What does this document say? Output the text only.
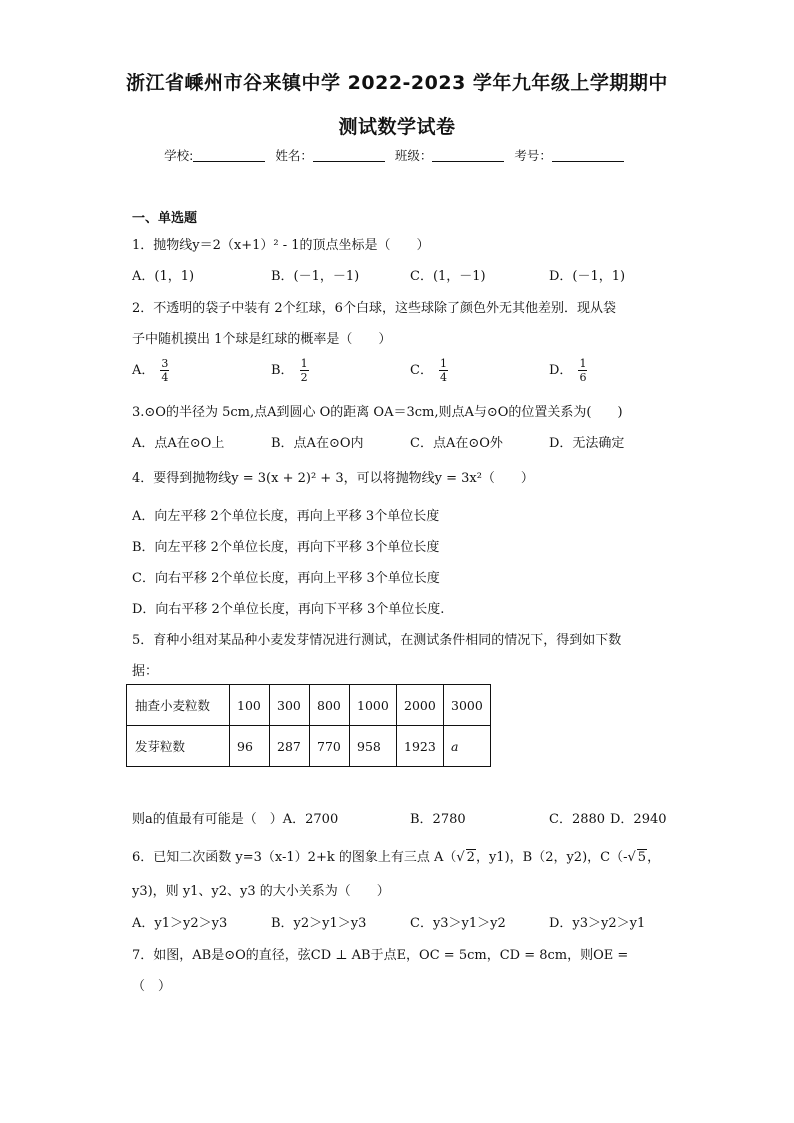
浙江省嵊州市谷来镇中学 2022-2023 学年九年级上学期期中
测试数学试卷
学校:	姓名：	班级：	考号：
一、单选题
1．抛物线y＝2（x+1）² - 1的顶点坐标是（　　）
A．(1，1)	B．(－1，－1)	C．(1，－1)	D．(－1，1)
2．不透明的袋子中装有 2个红球，6个白球，这些球除了颜色外无其他差别．现从袋
子中随机摸出 1个球是红球的概率是（　　）
A． $\frac{3}{4}$	B． $\frac{1}{2}$	C． $\frac{1}{4}$	D． $\frac{1}{6}$
3.⊙O的半径为 5cm,点A到圆心 O的距离 OA＝3cm,则点A与⊙O的位置关系为(　　)
A．点A在⊙O上	B．点A在⊙O内	C．点A在⊙O外	D．无法确定
4．要得到抛物线y = 3(x + 2)² + 3，可以将抛物线y = 3x²（　　）
A．向左平移 2个单位长度，再向上平移 3个单位长度
B．向左平移 2个单位长度，再向下平移 3个单位长度
C．向右平移 2个单位长度，再向上平移 3个单位长度
D．向右平移 2个单位长度，再向下平移 3个单位长度.
5．育种小组对某品种小麦发芽情况进行测试，在测试条件相同的情况下，得到如下数
据：
抽查小麦粒数	100	300	800	1000	2000	3000
发芽粒数	96	287	770	958	1923	a
则a的值最有可能是（　）A．2700	B．2780	C．2880 D．2940
6．已知二次函数 y=3（x-1）2+k 的图象上有三点 A（√ 2，y1)，B（2，y2)，C（-√ 5，
y3)，则 y1、y2、y3 的大小关系为（　　）
A．y1＞y2＞y3	B．y2＞y1＞y3	C．y3＞y1＞y2	D．y3＞y2＞y1
7．如图，AB是⊙O的直径，弦CD ⊥ AB于点E，OC = 5cm，CD = 8cm，则OE =
（　）
